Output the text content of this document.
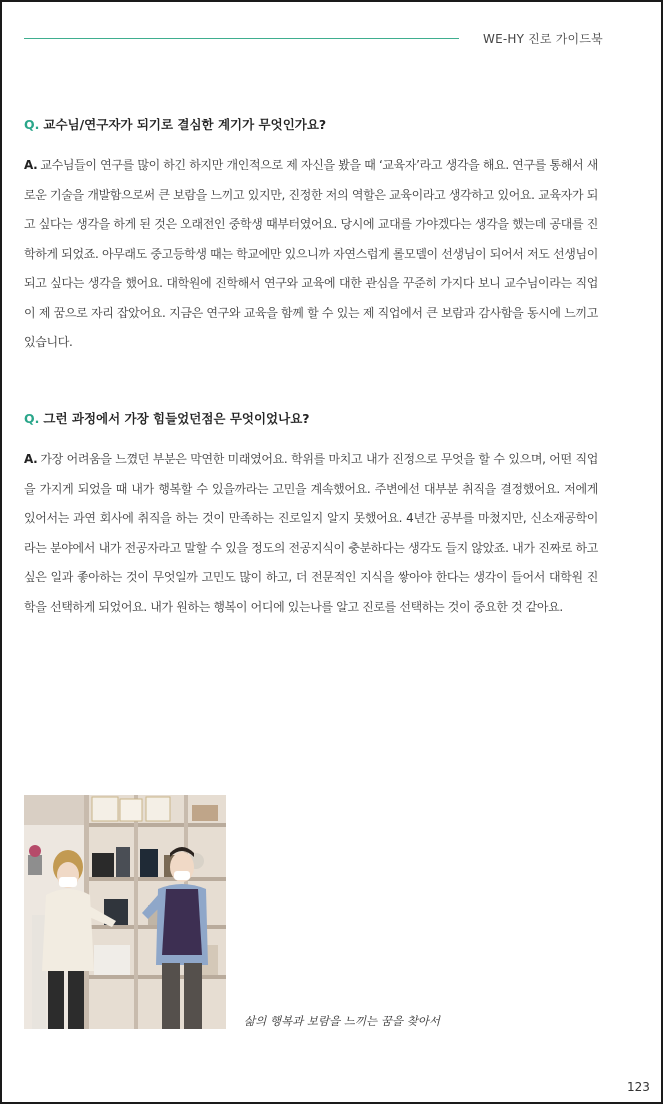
WE-HY 진로 가이드북

Q. 교수님/연구자가 되기로 결심한 계기가 무엇인가요?

A. 교수님들이 연구를 많이 하긴 하지만 개인적으로 제 자신을 봤을 때 ‘교육자’라고 생각을 해요. 연구를 통해서 새로운 기술을 개발함으로써 큰 보람을 느끼고 있지만, 진정한 저의 역할은 교육이라고 생각하고 있어요. 교육자가 되고 싶다는 생각을 하게 된 것은 오래전인 중학생 때부터였어요. 당시에 교대를 가야겠다는 생각을 했는데 공대를 진학하게 되었죠. 아무래도 중고등학생 때는 학교에만 있으니까 자연스럽게 롤모델이 선생님이 되어서 저도 선생님이 되고 싶다는 생각을 했어요. 대학원에 진학해서 연구와 교육에 대한 관심을 꾸준히 가지다 보니 교수님이라는 직업이 제 꿈으로 자리 잡았어요. 지금은 연구와 교육을 함께 할 수 있는 제 직업에서 큰 보람과 감사함을 동시에 느끼고 있습니다.

Q. 그런 과정에서 가장 힘들었던점은 무엇이었나요?

A. 가장 어려움을 느꼈던 부분은 막연한 미래였어요. 학위를 마치고 내가 진정으로 무엇을 할 수 있으며, 어떤 직업을 가지게 되었을 때 내가 행복할 수 있을까라는 고민을 계속했어요. 주변에선 대부분 취직을 결정했어요. 저에게 있어서는 과연 회사에 취직을 하는 것이 만족하는 진로일지 알지 못했어요. 4년간 공부를 마쳤지만, 신소재공학이라는 분야에서 내가 전공자라고 말할 수 있을 정도의 전공지식이 충분하다는 생각도 들지 않았죠. 내가 진짜로 하고 싶은 일과 좋아하는 것이 무엇일까 고민도 많이 하고, 더 전문적인 지식을 쌓아야 한다는 생각이 들어서 대학원 진학을 선택하게 되었어요. 내가 원하는 행복이 어디에 있는나를 알고 진로를 선택하는 것이 중요한 것 같아요.

삶의 행복과 보람을 느끼는 꿈을 찾아서
123
